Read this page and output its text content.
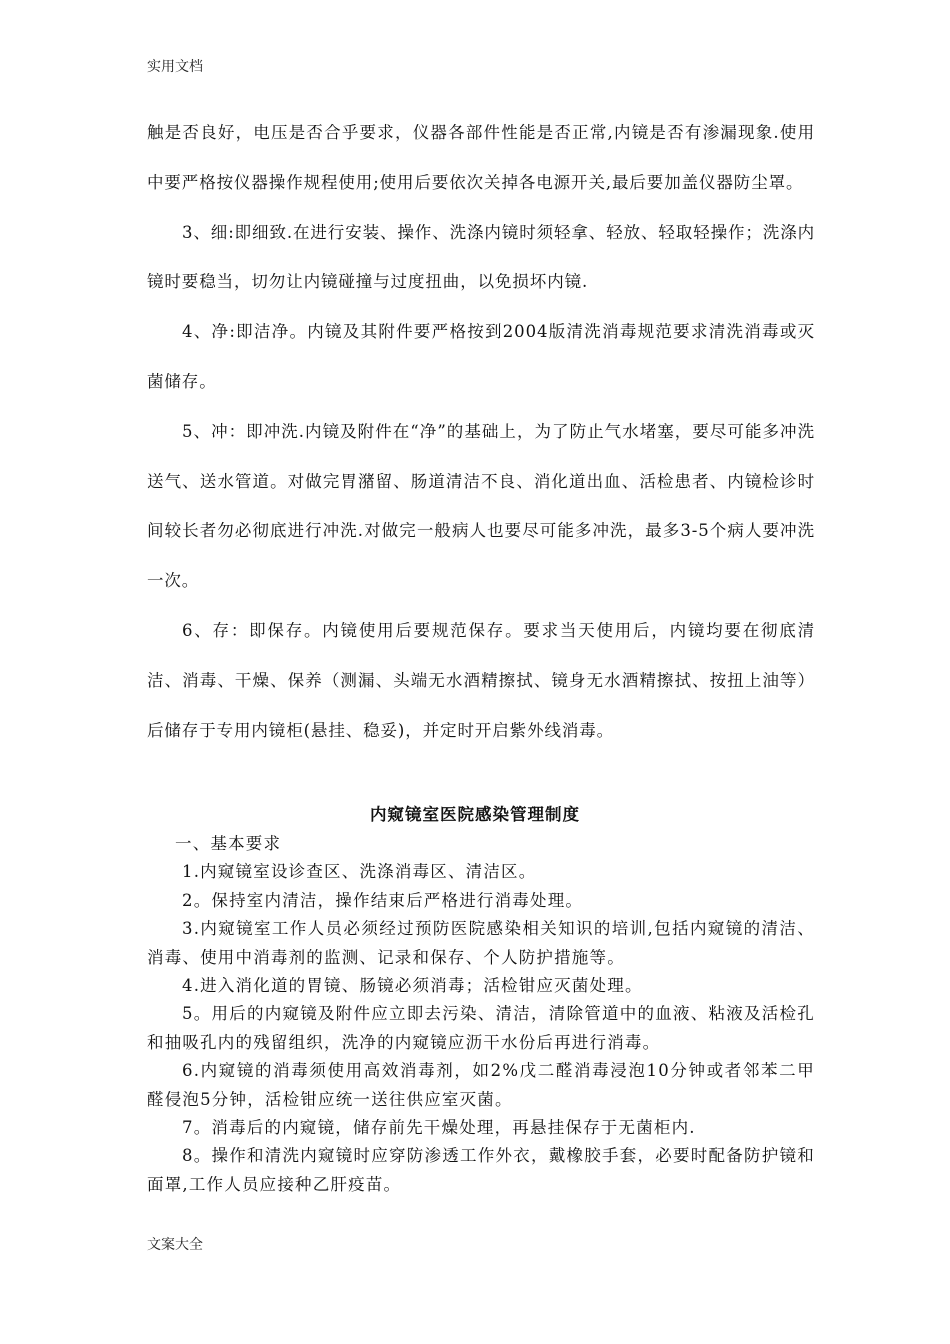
实用文档

触是否良好，电压是否合乎要求，仪器各部件性能是否正常,内镜是否有渗漏现象.使用中要严格按仪器操作规程使用;使用后要依次关掉各电源开关,最后要加盖仪器防尘罩。

3、细:即细致.在进行安装、操作、洗涤内镜时须轻拿、轻放、轻取轻操作；洗涤内镜时要稳当，切勿让内镜碰撞与过度扭曲，以免损坏内镜.

4、净:即洁净。内镜及其附件要严格按到2004版清洗消毒规范要求清洗消毒或灭菌储存。

5、冲：即冲洗.内镜及附件在“净”的基础上，为了防止气水堵塞，要尽可能多冲洗送气、送水管道。对做完胃潴留、肠道清洁不良、消化道出血、活检患者、内镜检诊时间较长者勿必彻底进行冲洗.对做完一般病人也要尽可能多冲洗，最多3-5个病人要冲洗一次。

6、存：即保存。内镜使用后要规范保存。要求当天使用后，内镜均要在彻底清洁、消毒、干燥、保养（测漏、头端无水酒精擦拭、镜身无水酒精擦拭、按扭上油等）后储存于专用内镜柜(悬挂、稳妥)，并定时开启紫外线消毒。

内窥镜室医院感染管理制度

一、基本要求

1.内窥镜室设诊查区、洗涤消毒区、清洁区。

2。保持室内清洁，操作结束后严格进行消毒处理。

3.内窥镜室工作人员必须经过预防医院感染相关知识的培训,包括内窥镜的清洁、消毒、使用中消毒剂的监测、记录和保存、个人防护措施等。

4.进入消化道的胃镜、肠镜必须消毒；活检钳应灭菌处理。

5。用后的内窥镜及附件应立即去污染、清洁，清除管道中的血液、粘液及活检孔和抽吸孔内的残留组织，洗净的内窥镜应沥干水份后再进行消毒。

6.内窥镜的消毒须使用高效消毒剂，如2%戊二醛消毒浸泡10分钟或者邻苯二甲醛侵泡5分钟，活检钳应统一送往供应室灭菌。

7。消毒后的内窥镜，储存前先干燥处理，再悬挂保存于无菌柜内.

8。操作和清洗内窥镜时应穿防渗透工作外衣，戴橡胶手套，必要时配备防护镜和面罩,工作人员应接种乙肝疫苗。

文案大全
